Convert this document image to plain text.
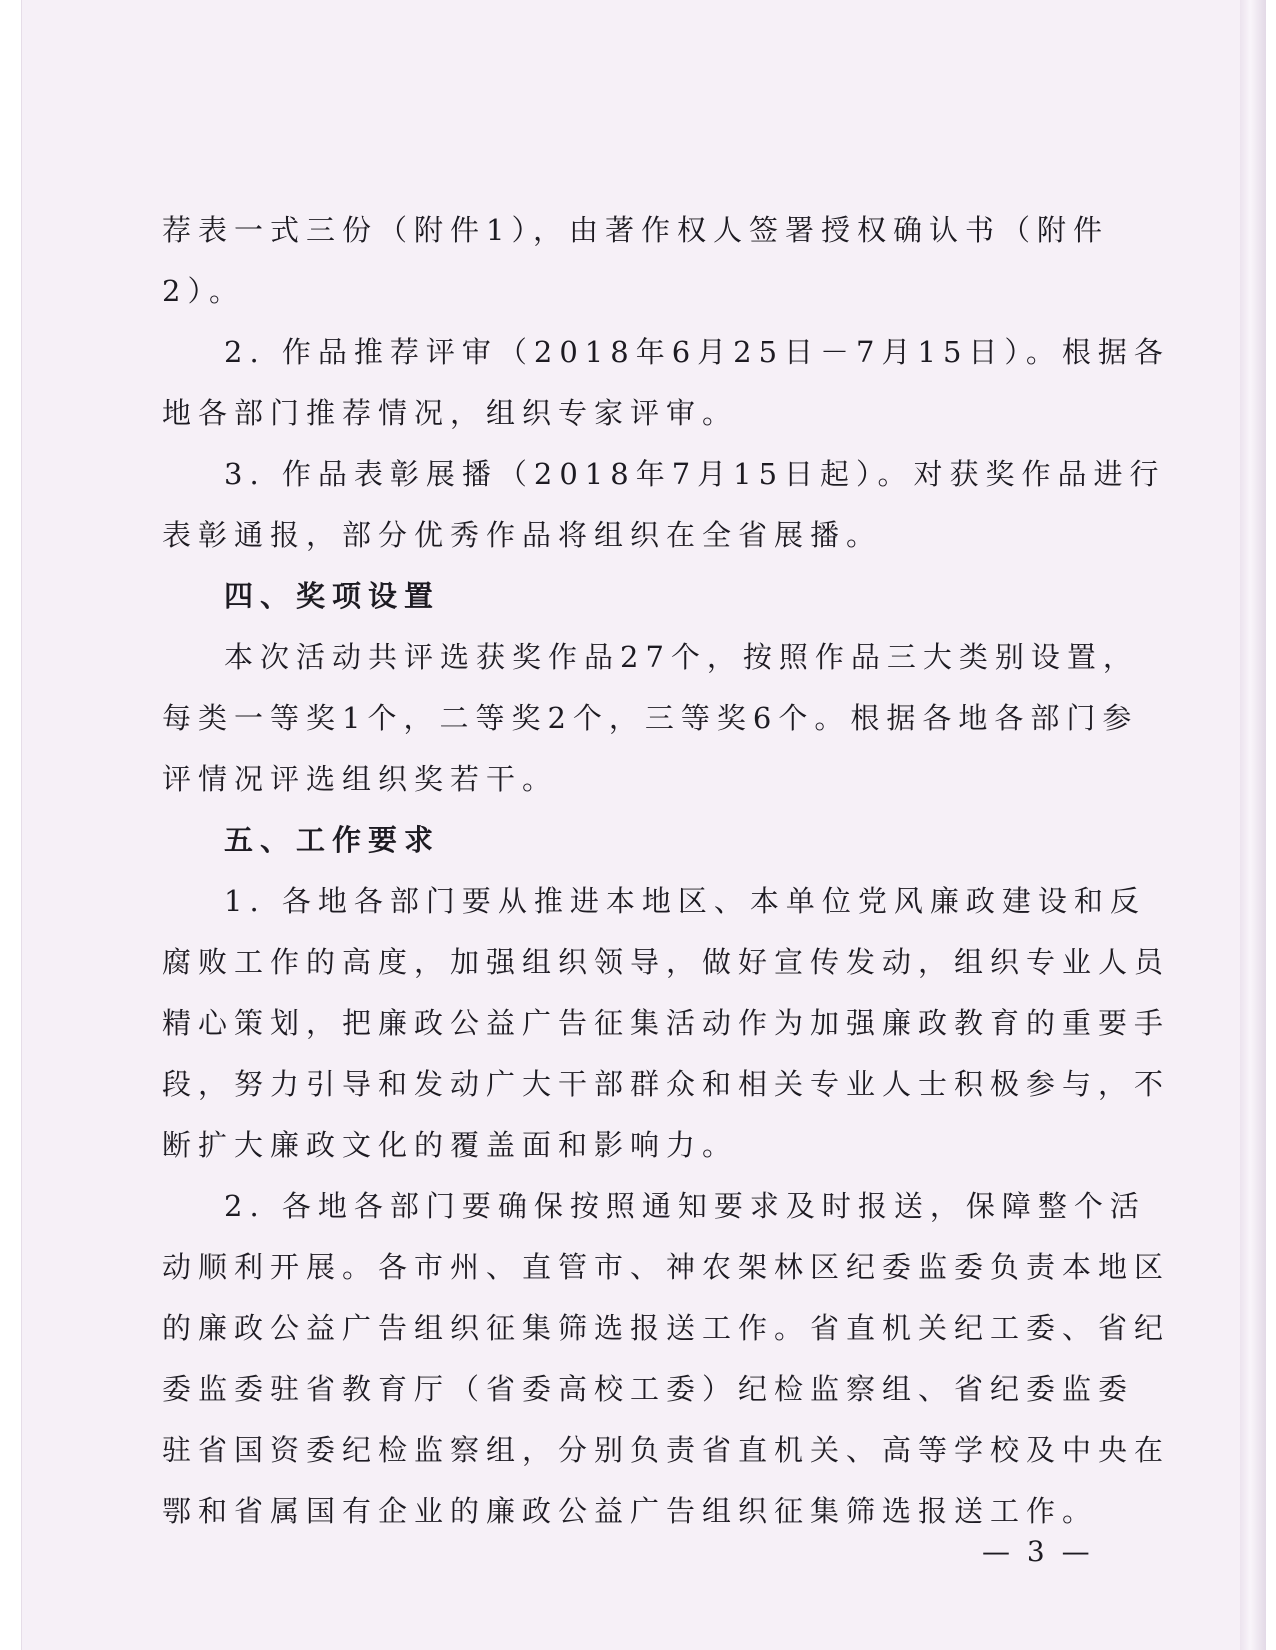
荐表一式三份（附件1），由著作权人签署授权确认书（附件
2）。
2. 作品推荐评审（2018年6月25日－7月15日）。根据各
地各部门推荐情况，组织专家评审。
3. 作品表彰展播（2018年7月15日起）。对获奖作品进行
表彰通报，部分优秀作品将组织在全省展播。
四、奖项设置
本次活动共评选获奖作品27个，按照作品三大类别设置，
每类一等奖1个，二等奖2个，三等奖6个。根据各地各部门参
评情况评选组织奖若干。
五、工作要求
1. 各地各部门要从推进本地区、本单位党风廉政建设和反
腐败工作的高度，加强组织领导，做好宣传发动，组织专业人员
精心策划，把廉政公益广告征集活动作为加强廉政教育的重要手
段，努力引导和发动广大干部群众和相关专业人士积极参与，不
断扩大廉政文化的覆盖面和影响力。
2. 各地各部门要确保按照通知要求及时报送，保障整个活
动顺利开展。各市州、直管市、神农架林区纪委监委负责本地区
的廉政公益广告组织征集筛选报送工作。省直机关纪工委、省纪
委监委驻省教育厅（省委高校工委）纪检监察组、省纪委监委
驻省国资委纪检监察组，分别负责省直机关、高等学校及中央在
鄂和省属国有企业的廉政公益广告组织征集筛选报送工作。
— 3 —
